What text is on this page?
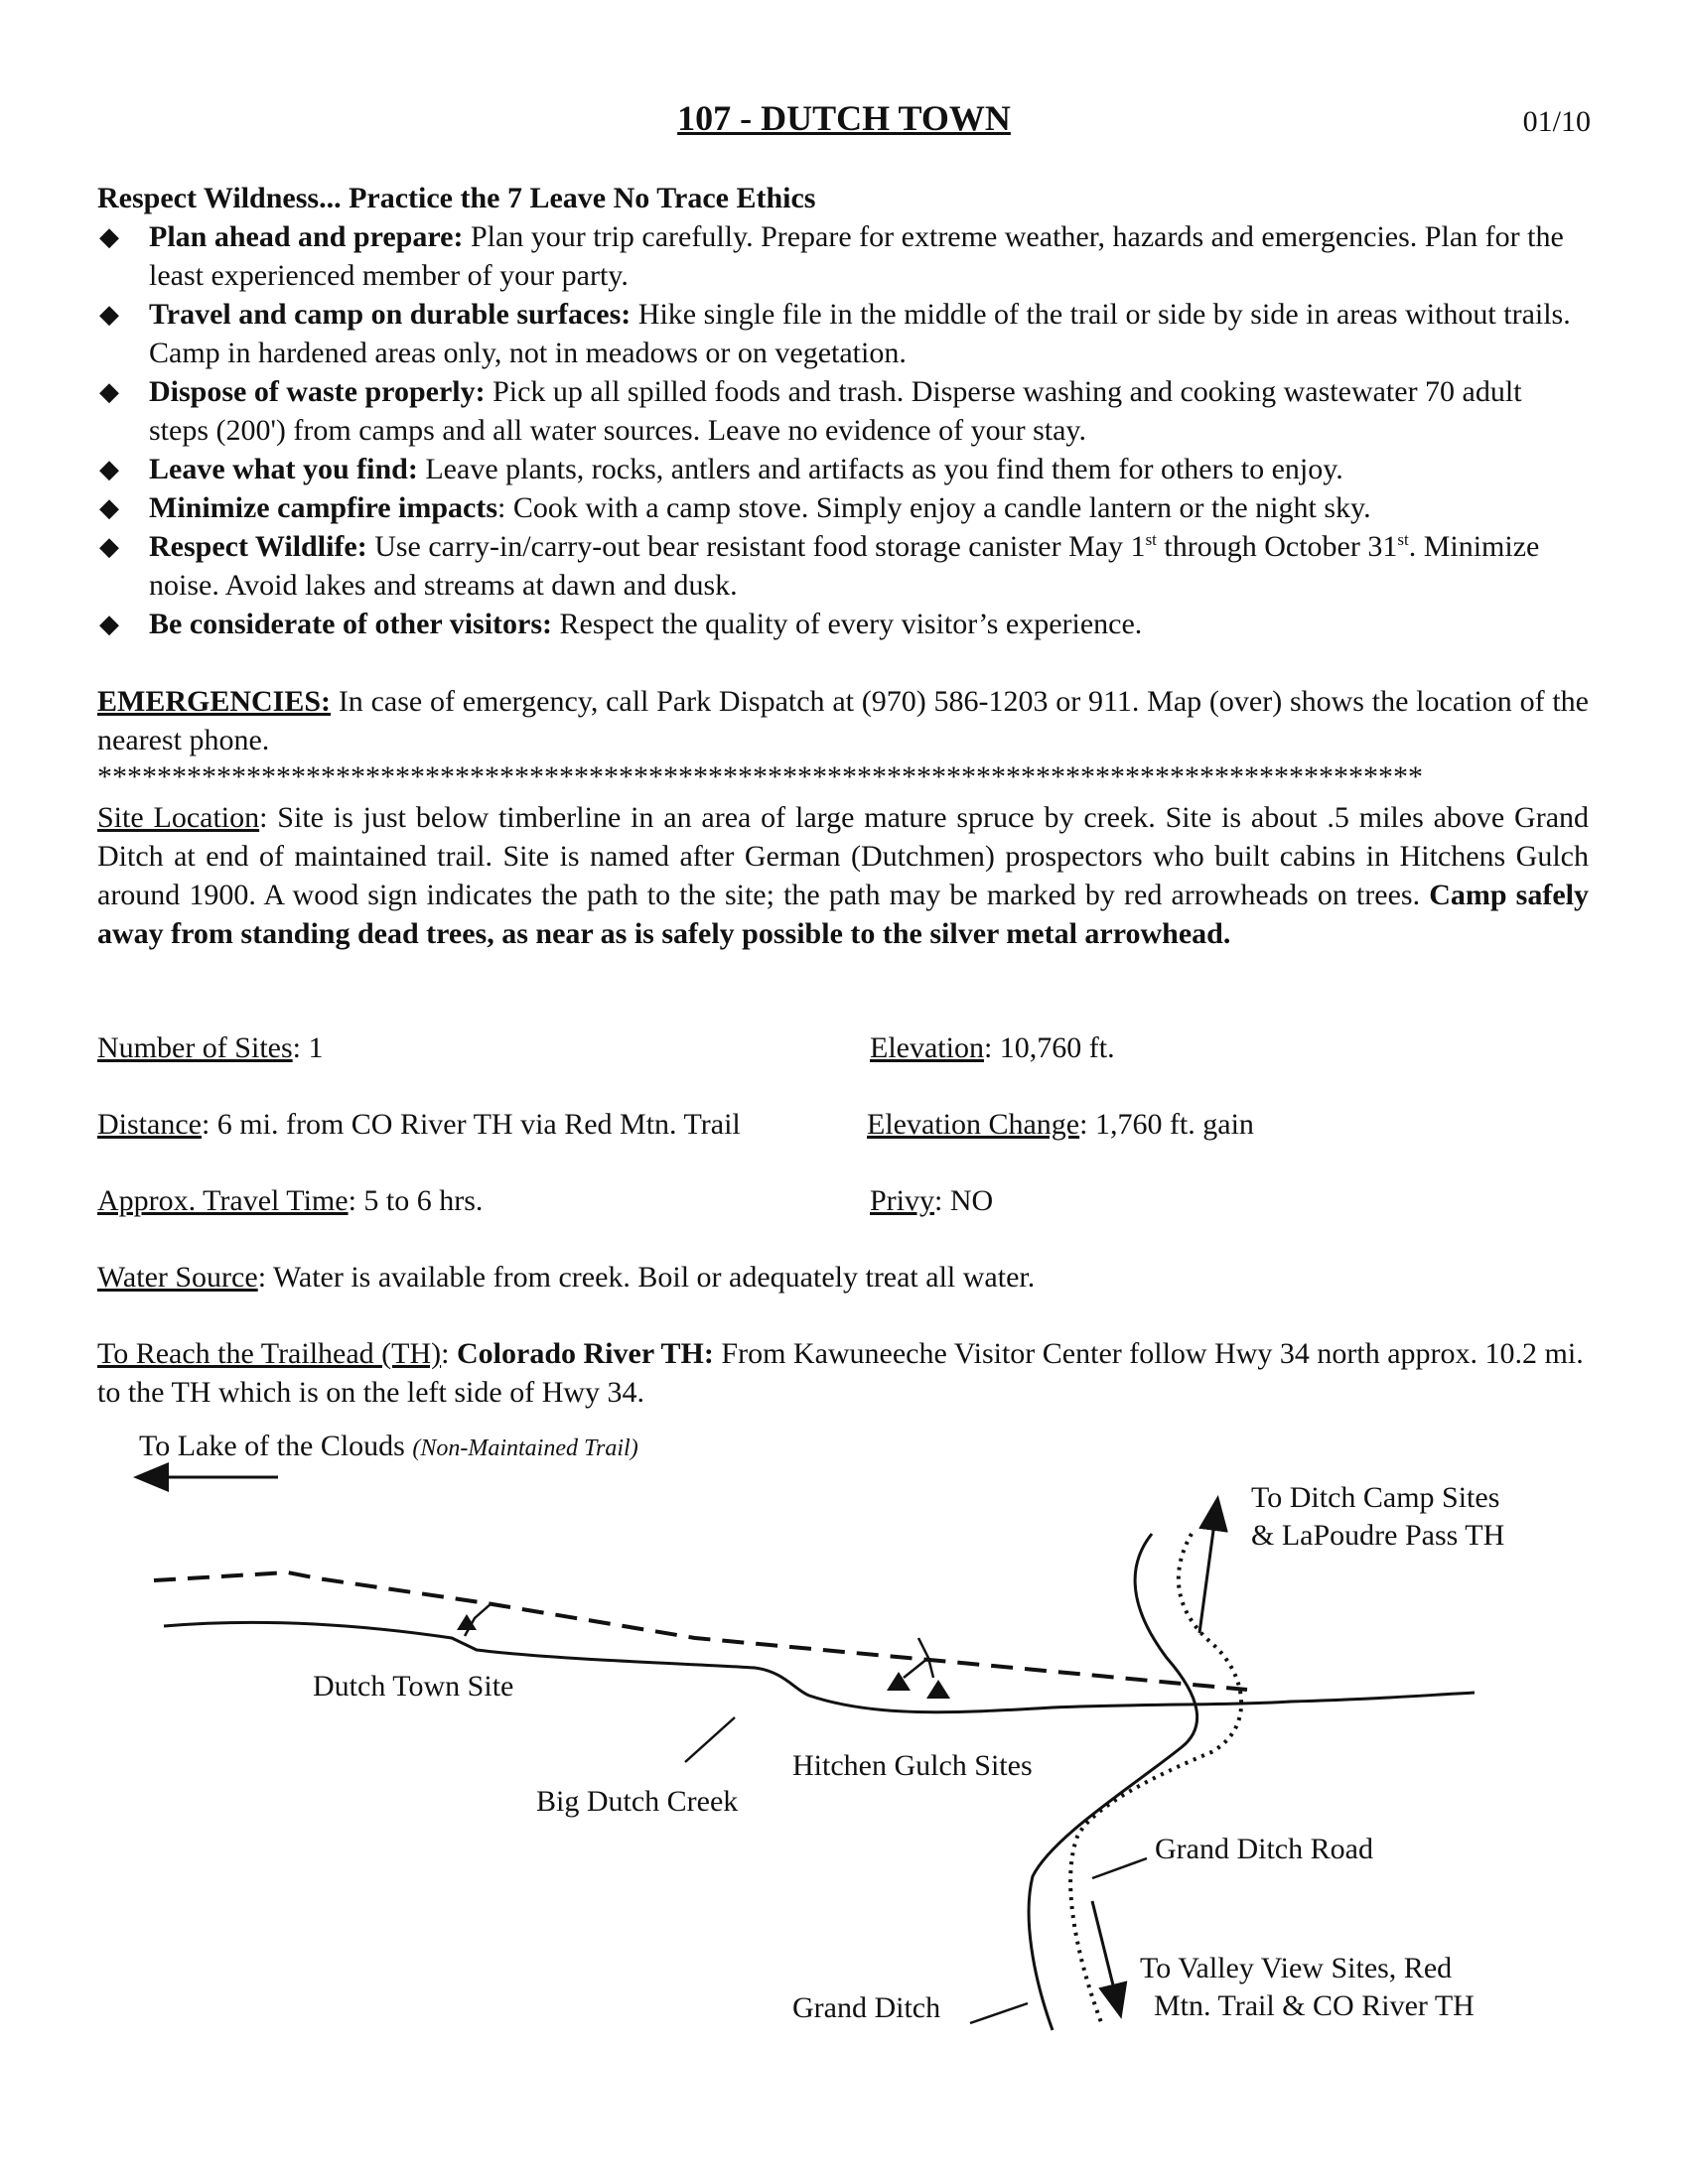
107 - DUTCH TOWN	01/10
Respect Wildness... Practice the 7 Leave No Trace Ethics
◆ Plan ahead and prepare: Plan your trip carefully. Prepare for extreme weather, hazards and emergencies. Plan for the least experienced member of your party.
◆ Travel and camp on durable surfaces: Hike single file in the middle of the trail or side by side in areas without trails. Camp in hardened areas only, not in meadows or on vegetation.
◆ Dispose of waste properly: Pick up all spilled foods and trash. Disperse washing and cooking wastewater 70 adult steps (200') from camps and all water sources. Leave no evidence of your stay.
◆ Leave what you find: Leave plants, rocks, antlers and artifacts as you find them for others to enjoy.
◆ Minimize campfire impacts: Cook with a camp stove. Simply enjoy a candle lantern or the night sky.
◆ Respect Wildlife: Use carry-in/carry-out bear resistant food storage canister May 1st through October 31st. Minimize noise. Avoid lakes and streams at dawn and dusk.
◆ Be considerate of other visitors: Respect the quality of every visitor’s experience.
EMERGENCIES: In case of emergency, call Park Dispatch at (970) 586-1203 or 911. Map (over) shows the location of the nearest phone.
*****************************************************************************************
Site Location: Site is just below timberline in an area of large mature spruce by creek. Site is about .5 miles above Grand Ditch at end of maintained trail. Site is named after German (Dutchmen) prospectors who built cabins in Hitchens Gulch around 1900. A wood sign indicates the path to the site; the path may be marked by red arrowheads on trees. Camp safely away from standing dead trees, as near as is safely possible to the silver metal arrowhead.
Number of Sites: 1	Elevation: 10,760 ft.
Distance: 6 mi. from CO River TH via Red Mtn. Trail	Elevation Change: 1,760 ft. gain
Approx. Travel Time: 5 to 6 hrs.	Privy: NO
Water Source: Water is available from creek. Boil or adequately treat all water.
To Reach the Trailhead (TH): Colorado River TH: From Kawuneeche Visitor Center follow Hwy 34 north approx. 10.2 mi. to the TH which is on the left side of Hwy 34.
To Lake of the Clouds (Non-Maintained Trail)
To Ditch Camp Sites
& LaPoudre Pass TH
Dutch Town Site
Hitchen Gulch Sites
Big Dutch Creek
Grand Ditch Road
To Valley View Sites, Red
Mtn. Trail & CO River TH
Grand Ditch
